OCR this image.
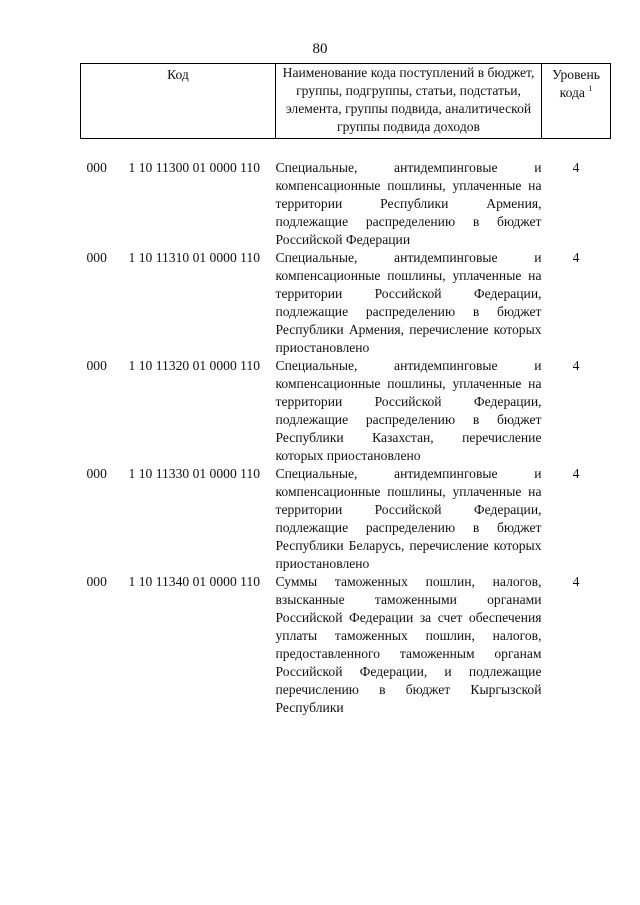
80
Код	Наименование кода поступлений в бюджет, группы, подгруппы, статьи, подстатьи, элемента, группы подвида, аналитической группы подвида доходов	Уровень кода $^1$

000 1 10 11300 01 0000 110	Специальные, антидемпинговые и компенсационные пошлины, уплаченные на территории Республики Армения, подлежащие распределению в бюджет Российской Федерации	4

000 1 10 11310 01 0000 110	Специальные, антидемпинговые и компенсационные пошлины, уплаченные на территории Российской Федерации, подлежащие распределению в бюджет Республики Армения, перечисление которых приостановлено	4

000 1 10 11320 01 0000 110	Специальные, антидемпинговые и компенсационные пошлины, уплаченные на территории Российской Федерации, подлежащие распределению в бюджет Республики Казахстан, перечисление которых приостановлено	4

000 1 10 11330 01 0000 110	Специальные, антидемпинговые и компенсационные пошлины, уплаченные на территории Российской Федерации, подлежащие распределению в бюджет Республики Беларусь, перечисление которых приостановлено	4

000 1 10 11340 01 0000 110	Суммы таможенных пошлин, налогов, взысканные таможенными органами Российской Федерации за счет обеспечения уплаты таможенных пошлин, налогов, предоставленного таможенным органам Российской Федерации, и подлежащие перечислению в бюджет Кыргызской Республики	4
